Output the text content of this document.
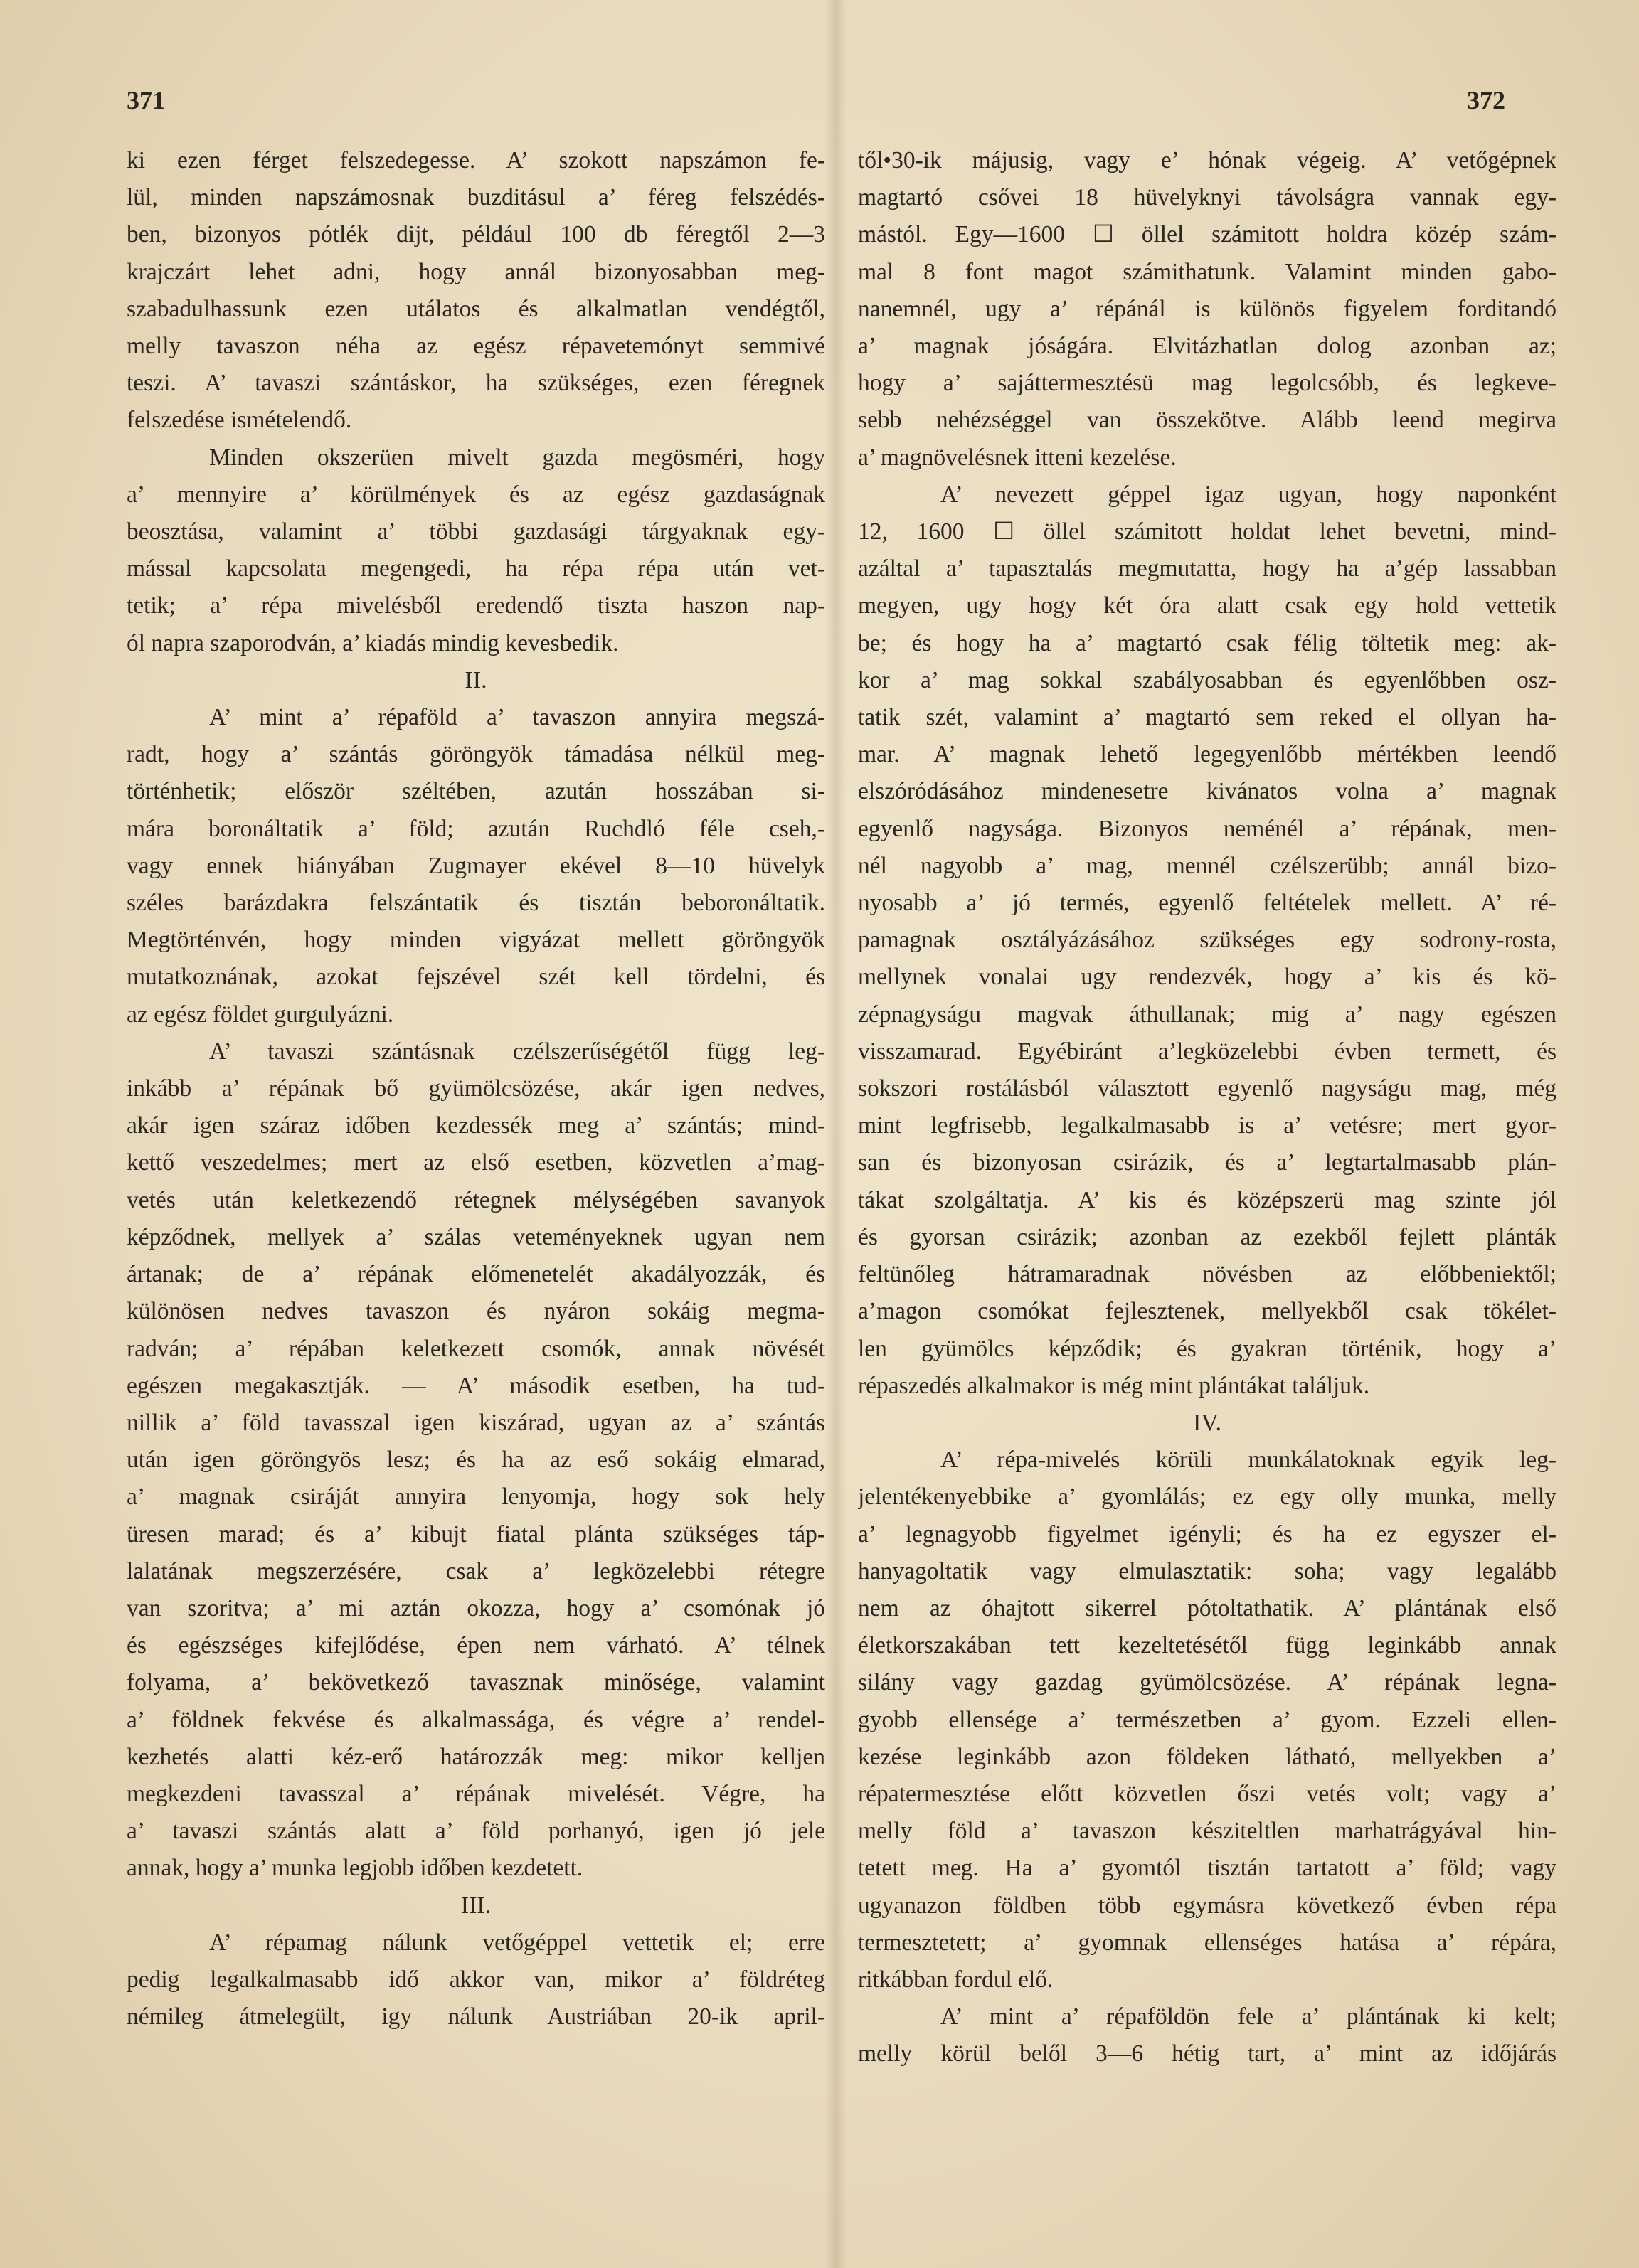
371	372
ki ezen férget felszedegesse. A’ szokott napszámon fe-
lül, minden napszámosnak buzditásul a’ féreg felszédés-
ben, bizonyos pótlék dijt, például 100 db féregtől 2—3
krajczárt lehet adni, hogy annál bizonyosabban meg-
szabadulhassunk ezen utálatos és alkalmatlan vendégtől,
melly tavaszon néha az egész répavetemónyt semmivé
teszi. A’ tavaszi szántáskor, ha szükséges, ezen féregnek
felszedése ismételendő.
Minden okszerüen mivelt gazda megösméri, hogy
a’ mennyire a’ körülmények és az egész gazdaságnak
beosztása, valamint a’ többi gazdasági tárgyaknak egy-
mással kapcsolata megengedi, ha répa répa után vet-
tetik; a’ répa mivelésből eredendő tiszta haszon nap-
ól napra szaporodván, a’ kiadás mindig kevesbedik.
II.
A’ mint a’ répaföld a’ tavaszon annyira megszá-
radt, hogy a’ szántás göröngyök támadása nélkül meg-
történhetik; először széltében, azután hosszában si-
mára boronáltatik a’ föld; azután Ruchdló féle cseh,-
vagy ennek hiányában Zugmayer ekével 8—10 hüvelyk
széles barázdakra felszántatik és tisztán beboronáltatik.
Megtörténvén, hogy minden vigyázat mellett göröngyök
mutatkoznának, azokat fejszével szét kell tördelni, és
az egész földet gurgulyázni.
A’ tavaszi szántásnak czélszerűségétől függ leg-
inkább a’ répának bő gyümölcsözése, akár igen nedves,
akár igen száraz időben kezdessék meg a’ szántás; mind-
kettő veszedelmes; mert az első esetben, közvetlen a’mag-
vetés után keletkezendő rétegnek mélységében savanyok
képződnek, mellyek a’ szálas veteményeknek ugyan nem
ártanak; de a’ répának előmenetelét akadályozzák, és
különösen nedves tavaszon és nyáron sokáig megma-
radván; a’ répában keletkezett csomók, annak növését
egészen megakasztják. — A’ második esetben, ha tud-
nillik a’ föld tavasszal igen kiszárad, ugyan az a’ szántás
után igen göröngyös lesz; és ha az eső sokáig elmarad,
a’ magnak csiráját annyira lenyomja, hogy sok hely
üresen marad; és a’ kibujt fiatal plánta szükséges táp-
lalatának megszerzésére, csak a’ legközelebbi rétegre
van szoritva; a’ mi aztán okozza, hogy a’ csomónak jó
és egészséges kifejlődése, épen nem várható. A’ télnek
folyama, a’ bekövetkező tavasznak minősége, valamint
a’ földnek fekvése és alkalmassága, és végre a’ rendel-
kezhetés alatti kéz-erő határozzák meg: mikor kelljen
megkezdeni tavasszal a’ répának mivelését. Végre, ha
a’ tavaszi szántás alatt a’ föld porhanyó, igen jó jele
annak, hogy a’ munka legjobb időben kezdetett.
III.
A’ répamag nálunk vetőgéppel vettetik el; erre
pedig legalkalmasabb idő akkor van, mikor a’ földréteg
némileg átmelegült, igy nálunk Austriában 20-ik april-
től•30-ik májusig, vagy e’ hónak végeig. A’ vetőgépnek
magtartó csővei 18 hüvelyknyi távolságra vannak egy-
mástól. Egy—1600 ☐ öllel számitott holdra közép szám-
mal 8 font magot számithatunk. Valamint minden gabo-
nanemnél, ugy a’ répánál is különös figyelem forditandó
a’ magnak jóságára. Elvitázhatlan dolog azonban az;
hogy a’ sajáttermesztésü mag legolcsóbb, és legkeve-
sebb nehézséggel van összekötve. Alább leend megirva
a’ magnövelésnek itteni kezelése.
A’ nevezett géppel igaz ugyan, hogy naponként
12, 1600 ☐ öllel számitott holdat lehet bevetni, mind-
azáltal a’ tapasztalás megmutatta, hogy ha a’gép lassabban
megyen, ugy hogy két óra alatt csak egy hold vettetik
be; és hogy ha a’ magtartó csak félig töltetik meg: ak-
kor a’ mag sokkal szabályosabban és egyenlőbben osz-
tatik szét, valamint a’ magtartó sem reked el ollyan ha-
mar. A’ magnak lehető legegyenlőbb mértékben leendő
elszóródásához mindenesetre kivánatos volna a’ magnak
egyenlő nagysága. Bizonyos neménél a’ répának, men-
nél nagyobb a’ mag, mennél czélszerübb; annál bizo-
nyosabb a’ jó termés, egyenlő feltételek mellett. A’ ré-
pamagnak osztályázásához szükséges egy sodrony-rosta,
mellynek vonalai ugy rendezvék, hogy a’ kis és kö-
zépnagyságu magvak áthullanak; mig a’ nagy egészen
visszamarad. Egyébiránt a’legközelebbi évben termett, és
sokszori rostálásból választott egyenlő nagyságu mag, még
mint legfrisebb, legalkalmasabb is a’ vetésre; mert gyor-
san és bizonyosan csirázik, és a’ legtartalmasabb plán-
tákat szolgáltatja. A’ kis és középszerü mag szinte jól
és gyorsan csirázik; azonban az ezekből fejlett plánták
feltünőleg hátramaradnak növésben az előbbeniektől;
a’magon csomókat fejlesztenek, mellyekből csak tökélet-
len gyümölcs képződik; és gyakran történik, hogy a’
répaszedés alkalmakor is még mint plántákat találjuk.
IV.
A’ répa-mivelés körüli munkálatoknak egyik leg-
jelentékenyebbike a’ gyomlálás; ez egy olly munka, melly
a’ legnagyobb figyelmet igényli; és ha ez egyszer el-
hanyagoltatik vagy elmulasztatik: soha; vagy legalább
nem az óhajtott sikerrel pótoltathatik. A’ plántának első
életkorszakában tett kezeltetésétől függ leginkább annak
silány vagy gazdag gyümölcsözése. A’ répának legna-
gyobb ellensége a’ természetben a’ gyom. Ezzeli ellen-
kezése leginkább azon földeken látható, mellyekben a’
répatermesztése előtt közvetlen őszi vetés volt; vagy a’
melly föld a’ tavaszon késziteltlen marhatrágyával hin-
tetett meg. Ha a’ gyomtól tisztán tartatott a’ föld; vagy
ugyanazon földben több egymásra következő évben répa
termesztetett; a’ gyomnak ellenséges hatása a’ répára,
ritkábban fordul elő.
A’ mint a’ répaföldön fele a’ plántának ki kelt;
melly körül belől 3—6 hétig tart, a’ mint az időjárás
